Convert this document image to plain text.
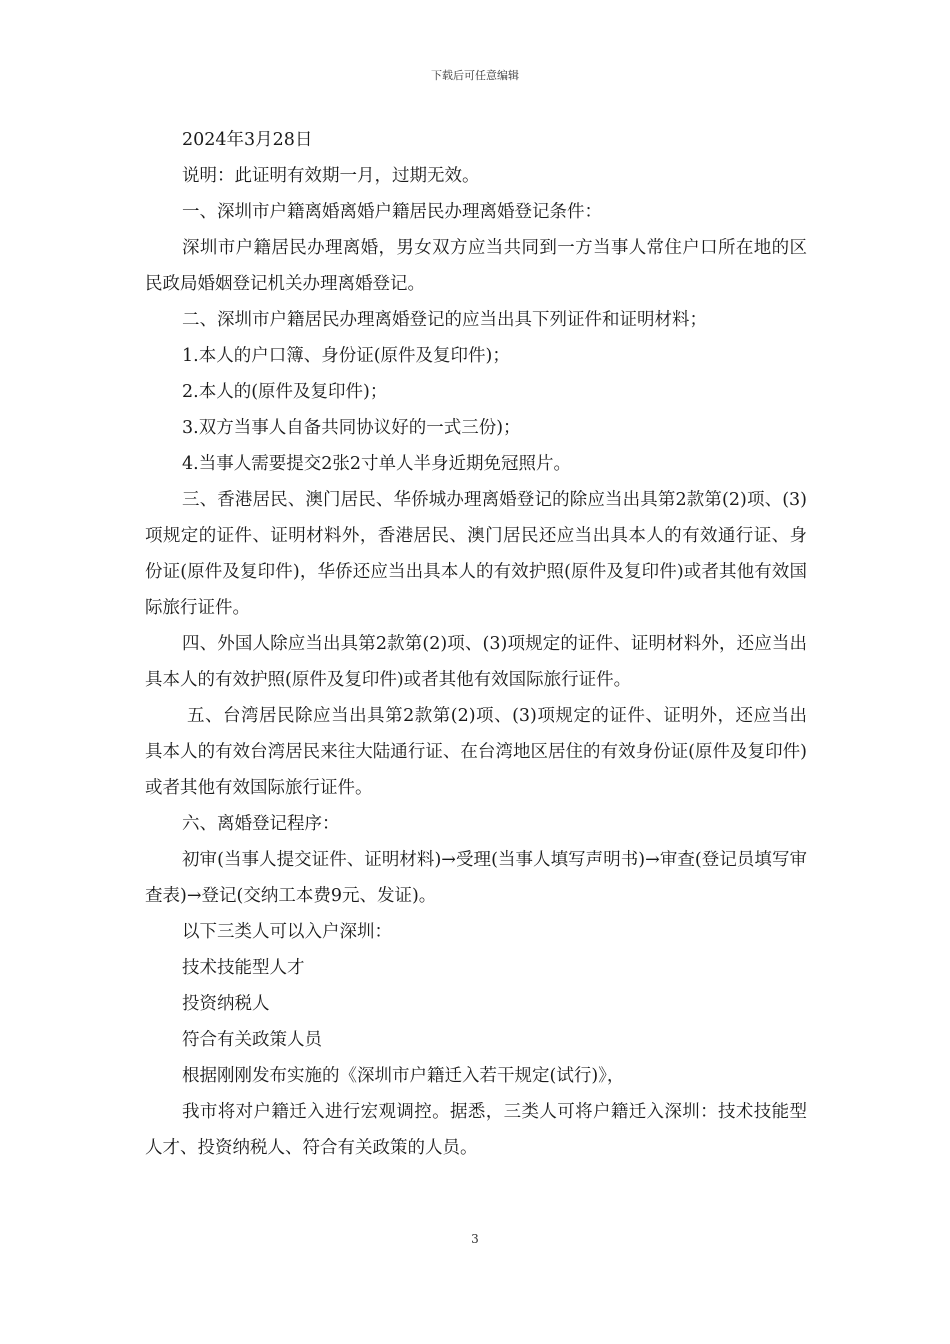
下载后可任意编辑

2024年3月28日

说明：此证明有效期一月，过期无效。

一、深圳市户籍离婚离婚户籍居民办理离婚登记条件：

深圳市户籍居民办理离婚，男女双方应当共同到一方当事人常住户口所在地的区民政局婚姻登记机关办理离婚登记。

二、深圳市户籍居民办理离婚登记的应当出具下列证件和证明材料；

1.本人的户口簿、身份证(原件及复印件)；

2.本人的(原件及复印件)；

3.双方当事人自备共同协议好的一式三份)；

4.当事人需要提交2张2寸单人半身近期免冠照片。

三、香港居民、澳门居民、华侨城办理离婚登记的除应当出具第2款第(2)项、(3)项规定的证件、证明材料外，香港居民、澳门居民还应当出具本人的有效通行证、身份证(原件及复印件)，华侨还应当出具本人的有效护照(原件及复印件)或者其他有效国际旅行证件。

四、外国人除应当出具第2款第(2)项、(3)项规定的证件、证明材料外，还应当出具本人的有效护照(原件及复印件)或者其他有效国际旅行证件。

五、台湾居民除应当出具第2款第(2)项、(3)项规定的证件、证明外，还应当出具本人的有效台湾居民来往大陆通行证、在台湾地区居住的有效身份证(原件及复印件)或者其他有效国际旅行证件。

六、离婚登记程序：

初审(当事人提交证件、证明材料)→受理(当事人填写声明书)→审查(登记员填写审查表)→登记(交纳工本费9元、发证)。

以下三类人可以入户深圳：

技术技能型人才

投资纳税人

符合有关政策人员

根据刚刚发布实施的《深圳市户籍迁入若干规定(试行)》，

我市将对户籍迁入进行宏观调控。据悉，三类人可将户籍迁入深圳：技术技能型人才、投资纳税人、符合有关政策的人员。

3
